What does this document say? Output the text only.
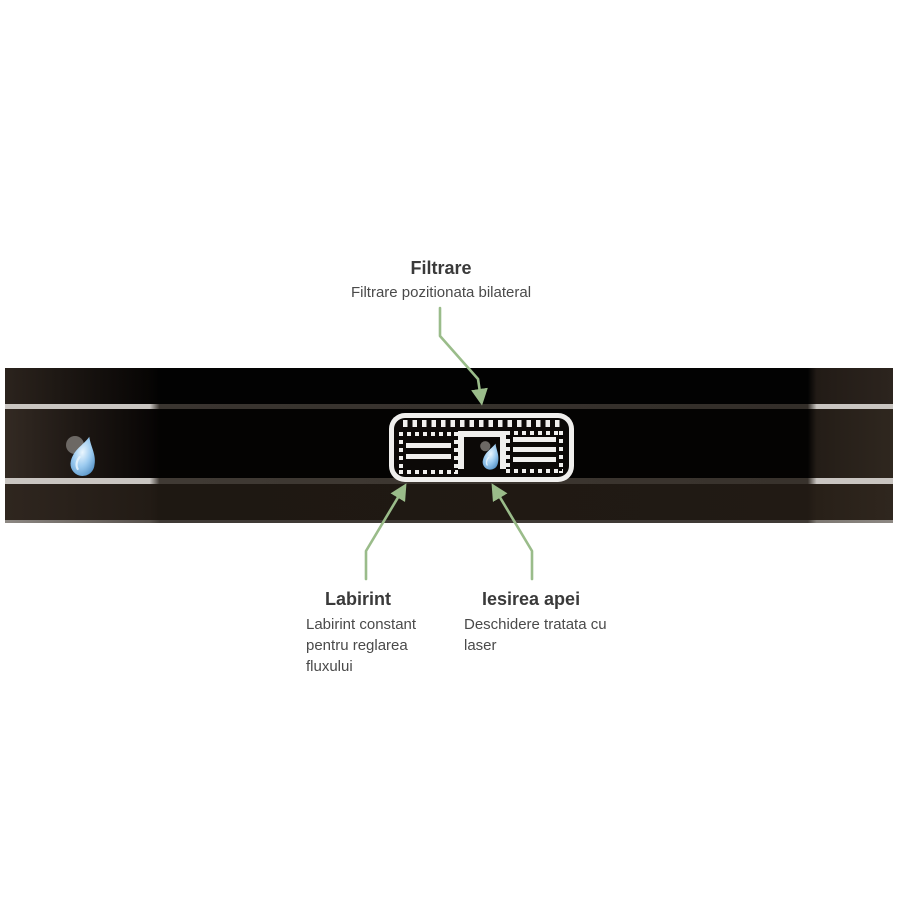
Filtrare
Filtrare pozitionata bilateral
Labirint
Labirint constant
pentru reglarea
fluxului
Iesirea apei
Deschidere tratata cu
laser
